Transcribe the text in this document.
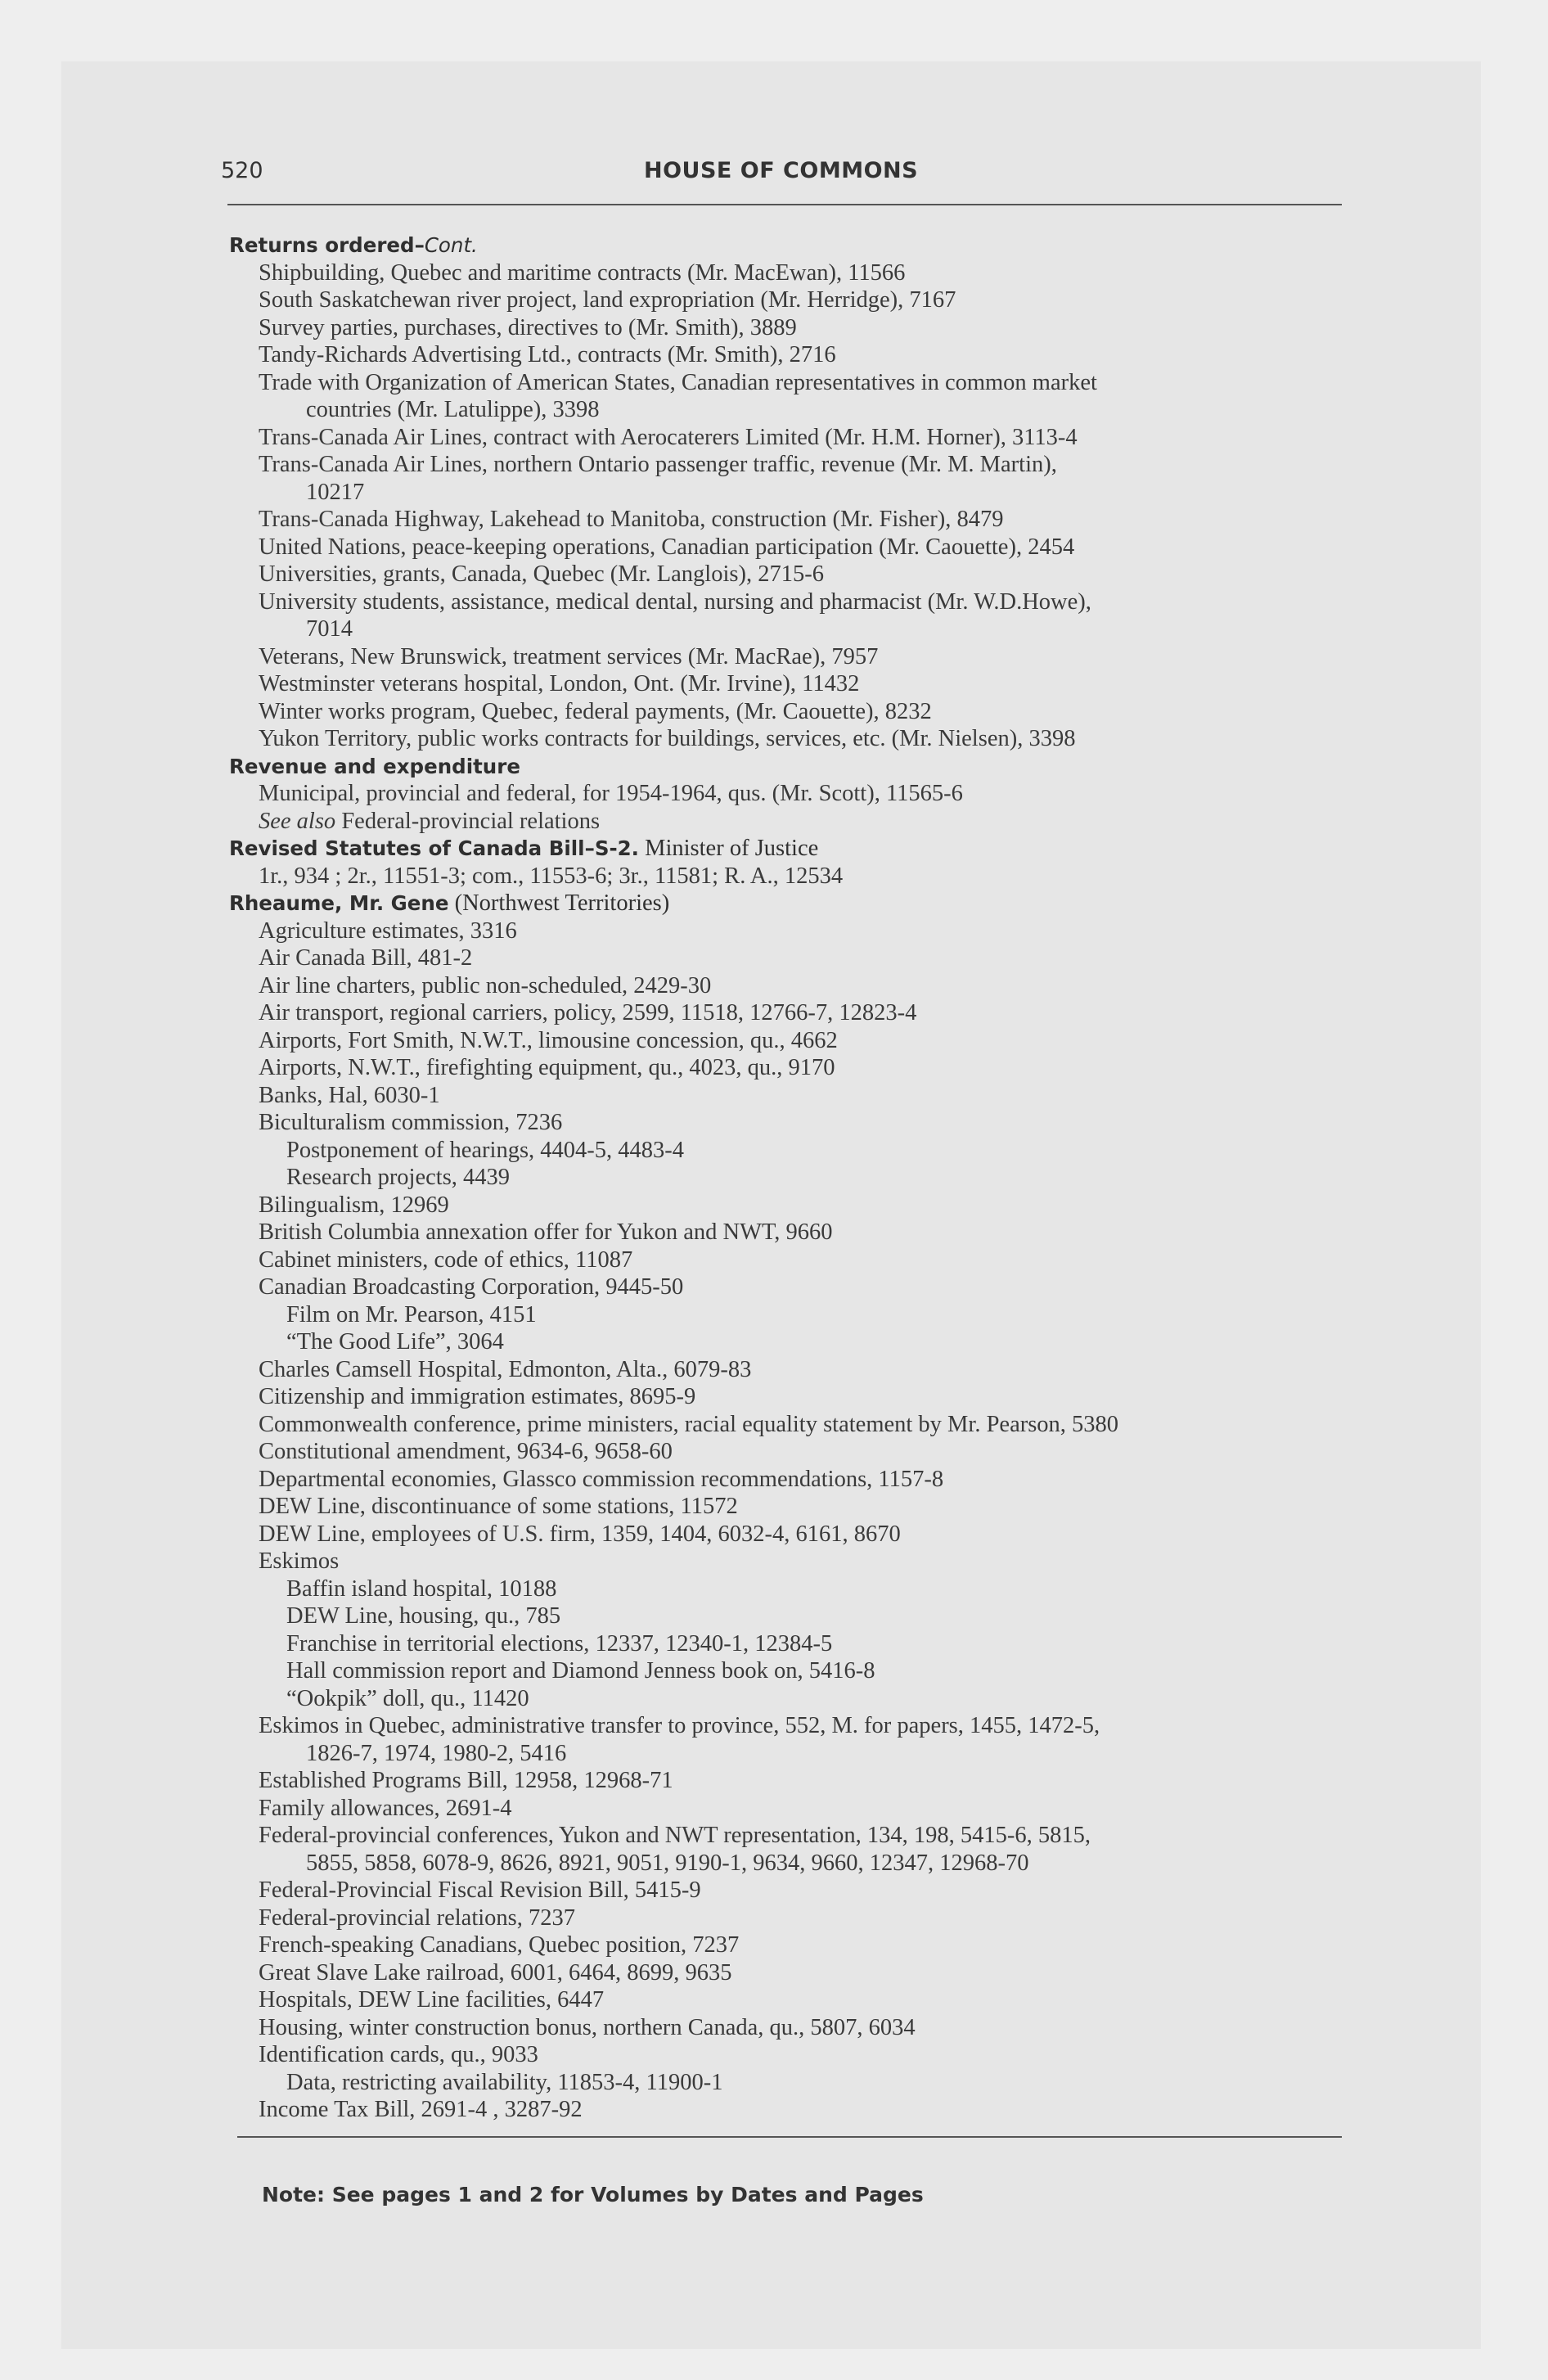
520	HOUSE OF COMMONS
Returns ordered–Cont.
Shipbuilding, Quebec and maritime contracts (Mr. MacEwan), 11566
South Saskatchewan river project, land expropriation (Mr. Herridge), 7167
Survey parties, purchases, directives to (Mr. Smith), 3889
Tandy-Richards Advertising Ltd., contracts (Mr. Smith), 2716
Trade with Organization of American States, Canadian representatives in common market
countries (Mr. Latulippe), 3398
Trans-Canada Air Lines, contract with Aerocaterers Limited (Mr. H.M. Horner), 3113-4
Trans-Canada Air Lines, northern Ontario passenger traffic, revenue (Mr. M. Martin),
10217
Trans-Canada Highway, Lakehead to Manitoba, construction (Mr. Fisher), 8479
United Nations, peace-keeping operations, Canadian participation (Mr. Caouette), 2454
Universities, grants, Canada, Quebec (Mr. Langlois), 2715-6
University students, assistance, medical dental, nursing and pharmacist (Mr. W.D.Howe),
7014
Veterans, New Brunswick, treatment services (Mr. MacRae), 7957
Westminster veterans hospital, London, Ont. (Mr. Irvine), 11432
Winter works program, Quebec, federal payments, (Mr. Caouette), 8232
Yukon Territory, public works contracts for buildings, services, etc. (Mr. Nielsen), 3398
Revenue and expenditure
Municipal, provincial and federal, for 1954-1964, qus. (Mr. Scott), 11565-6
See also Federal-provincial relations
Revised Statutes of Canada Bill–S-2. Minister of Justice
1r., 934 ; 2r., 11551-3; com., 11553-6; 3r., 11581; R. A., 12534
Rheaume, Mr. Gene (Northwest Territories)
Agriculture estimates, 3316
Air Canada Bill, 481-2
Air line charters, public non-scheduled, 2429-30
Air transport, regional carriers, policy, 2599, 11518, 12766-7, 12823-4
Airports, Fort Smith, N.W.T., limousine concession, qu., 4662
Airports, N.W.T., firefighting equipment, qu., 4023, qu., 9170
Banks, Hal, 6030-1
Biculturalism commission, 7236
Postponement of hearings, 4404-5, 4483-4
Research projects, 4439
Bilingualism, 12969
British Columbia annexation offer for Yukon and NWT, 9660
Cabinet ministers, code of ethics, 11087
Canadian Broadcasting Corporation, 9445-50
Film on Mr. Pearson, 4151
“The Good Life”, 3064
Charles Camsell Hospital, Edmonton, Alta., 6079-83
Citizenship and immigration estimates, 8695-9
Commonwealth conference, prime ministers, racial equality statement by Mr. Pearson, 5380
Constitutional amendment, 9634-6, 9658-60
Departmental economies, Glassco commission recommendations, 1157-8
DEW Line, discontinuance of some stations, 11572
DEW Line, employees of U.S. firm, 1359, 1404, 6032-4, 6161, 8670
Eskimos
Baffin island hospital, 10188
DEW Line, housing, qu., 785
Franchise in territorial elections, 12337, 12340-1, 12384-5
Hall commission report and Diamond Jenness book on, 5416-8
“Ookpik” doll, qu., 11420
Eskimos in Quebec, administrative transfer to province, 552, M. for papers, 1455, 1472-5,
1826-7, 1974, 1980-2, 5416
Established Programs Bill, 12958, 12968-71
Family allowances, 2691-4
Federal-provincial conferences, Yukon and NWT representation, 134, 198, 5415-6, 5815,
5855, 5858, 6078-9, 8626, 8921, 9051, 9190-1, 9634, 9660, 12347, 12968-70
Federal-Provincial Fiscal Revision Bill, 5415-9
Federal-provincial relations, 7237
French-speaking Canadians, Quebec position, 7237
Great Slave Lake railroad, 6001, 6464, 8699, 9635
Hospitals, DEW Line facilities, 6447
Housing, winter construction bonus, northern Canada, qu., 5807, 6034
Identification cards, qu., 9033
Data, restricting availability, 11853-4, 11900-1
Income Tax Bill, 2691-4 , 3287-92
Note: See pages 1 and 2 for Volumes by Dates and Pages
